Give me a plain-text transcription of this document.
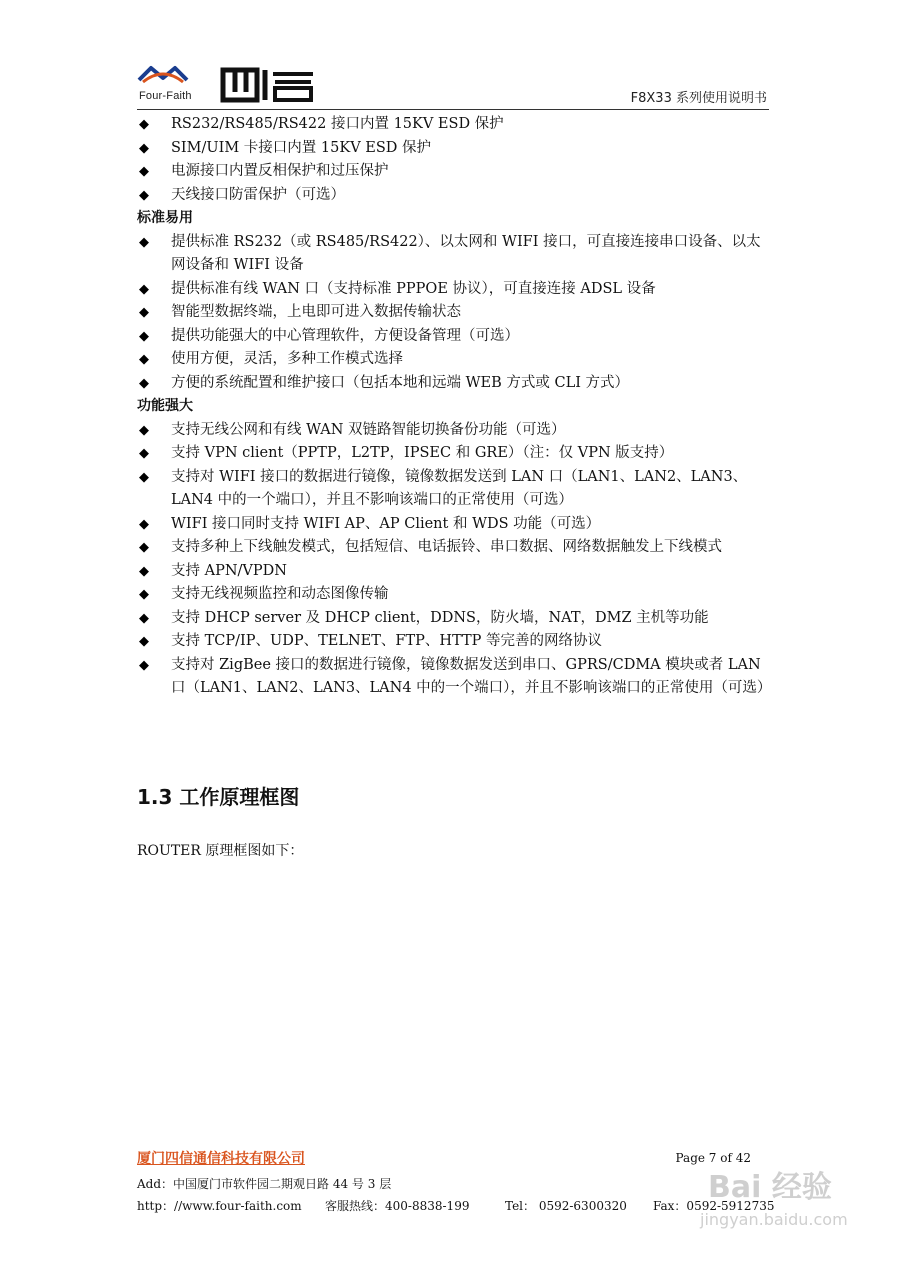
Four-Faith	F8X33 系列使用说明书
◆ RS232/RS485/RS422 接口内置 15KV ESD 保护
◆ SIM/UIM 卡接口内置 15KV ESD 保护
◆ 电源接口内置反相保护和过压保护
◆ 天线接口防雷保护（可选）
标准易用
◆ 提供标准 RS232（或 RS485/RS422）、以太网和 WIFI 接口，可直接连接串口设备、以太网设备和 WIFI 设备
◆ 提供标准有线 WAN 口（支持标准 PPPOE 协议），可直接连接 ADSL 设备
◆ 智能型数据终端，上电即可进入数据传输状态
◆ 提供功能强大的中心管理软件，方便设备管理（可选）
◆ 使用方便，灵活，多种工作模式选择
◆ 方便的系统配置和维护接口（包括本地和远端 WEB 方式或 CLI 方式）
功能强大
◆ 支持无线公网和有线 WAN 双链路智能切换备份功能（可选）
◆ 支持 VPN client（PPTP，L2TP，IPSEC 和 GRE）（注：仅 VPN 版支持）
◆ 支持对 WIFI 接口的数据进行镜像，镜像数据发送到 LAN 口（LAN1、LAN2、LAN3、LAN4 中的一个端口），并且不影响该端口的正常使用（可选）
◆ WIFI 接口同时支持 WIFI AP、AP Client 和 WDS 功能（可选）
◆ 支持多种上下线触发模式，包括短信、电话振铃、串口数据、网络数据触发上下线模式
◆ 支持 APN/VPDN
◆ 支持无线视频监控和动态图像传输
◆ 支持 DHCP server 及 DHCP client，DDNS，防火墙，NAT，DMZ 主机等功能
◆ 支持 TCP/IP、UDP、TELNET、FTP、HTTP 等完善的网络协议
◆ 支持对 ZigBee 接口的数据进行镜像，镜像数据发送到串口、GPRS/CDMA 模块或者 LAN 口（LAN1、LAN2、LAN3、LAN4 中的一个端口），并且不影响该端口的正常使用（可选）
1.3 工作原理框图
ROUTER 原理框图如下：
厦门四信通信科技有限公司	Page 7 of 42
Add：中国厦门市软件园二期观日路 44 号 3 层
http：//www.four-faith.com 客服热线：400-8838-199	Tel： 0592-6300320 Fax：0592-5912735
Bai 经验
jingyan.baidu.com
